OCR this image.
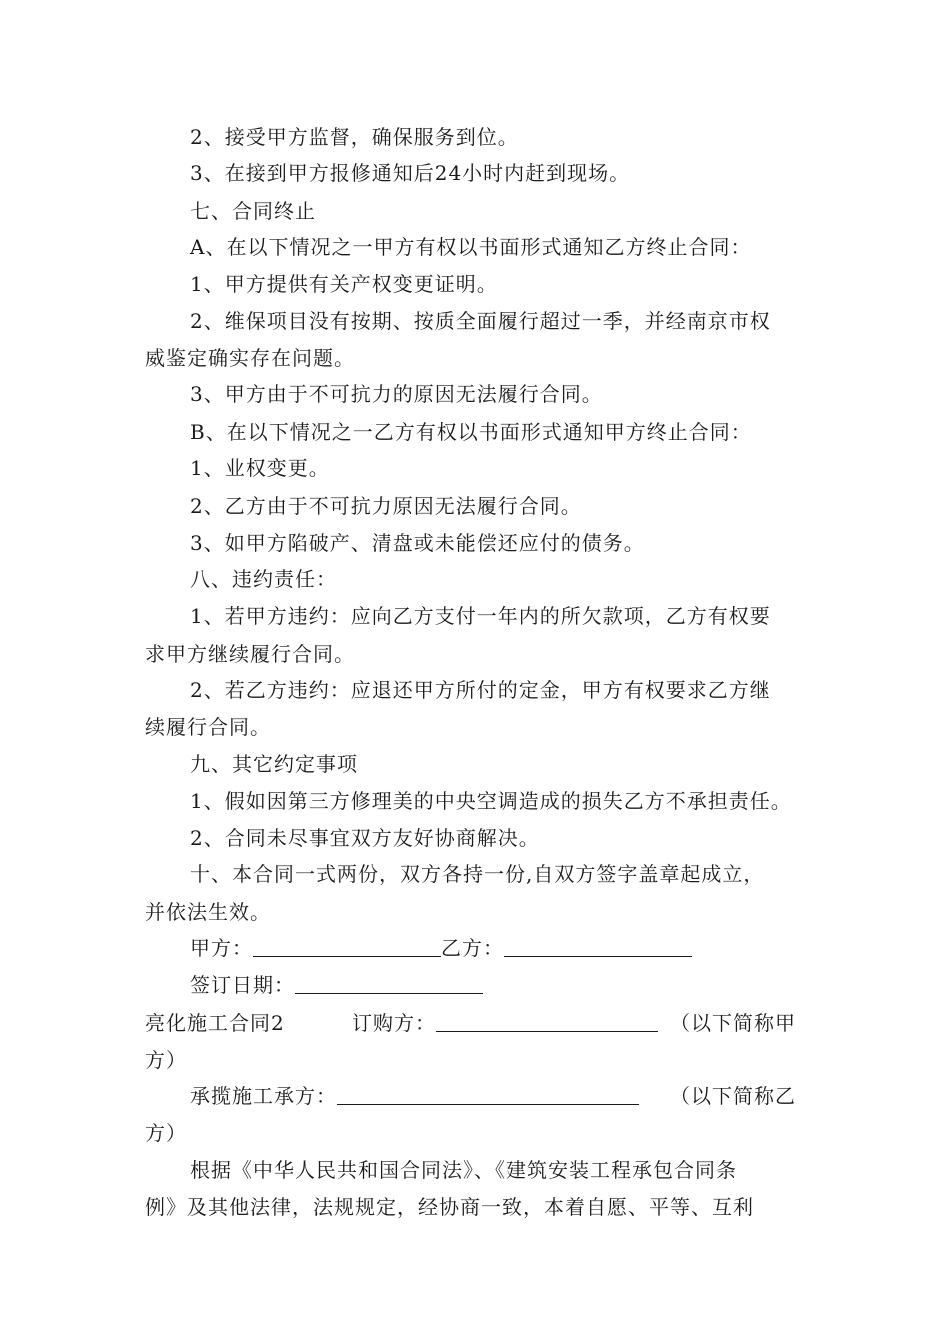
2、接受甲方监督，确保服务到位。
3、在接到甲方报修通知后24小时内赶到现场。
七、合同终止
A、在以下情况之一甲方有权以书面形式通知乙方终止合同：
1、甲方提供有关产权变更证明。
2、维保项目没有按期、按质全面履行超过一季，并经南京市权
威鉴定确实存在问题。
3、甲方由于不可抗力的原因无法履行合同。
B、在以下情况之一乙方有权以书面形式通知甲方终止合同：
1、业权变更。
2、乙方由于不可抗力原因无法履行合同。
3、如甲方陷破产、清盘或未能偿还应付的债务。
八、违约责任：
1、若甲方违约：应向乙方支付一年内的所欠款项，乙方有权要
求甲方继续履行合同。
2、若乙方违约：应退还甲方所付的定金，甲方有权要求乙方继
续履行合同。
九、其它约定事项
1、假如因第三方修理美的中央空调造成的损失乙方不承担责任。
2、合同未尽事宜双方友好协商解决。
十、本合同一式两份，双方各持一份,自双方签字盖章起成立，
并依法生效。
甲方：	乙方：
签订日期：
亮化施工合同2	订购方：	（以下简称甲
方）
承揽施工承方：	（以下简称乙
方）
根据《中华人民共和国合同法》、《建筑安装工程承包合同条
例》及其他法律，法规规定，经协商一致，本着自愿、平等、互利
